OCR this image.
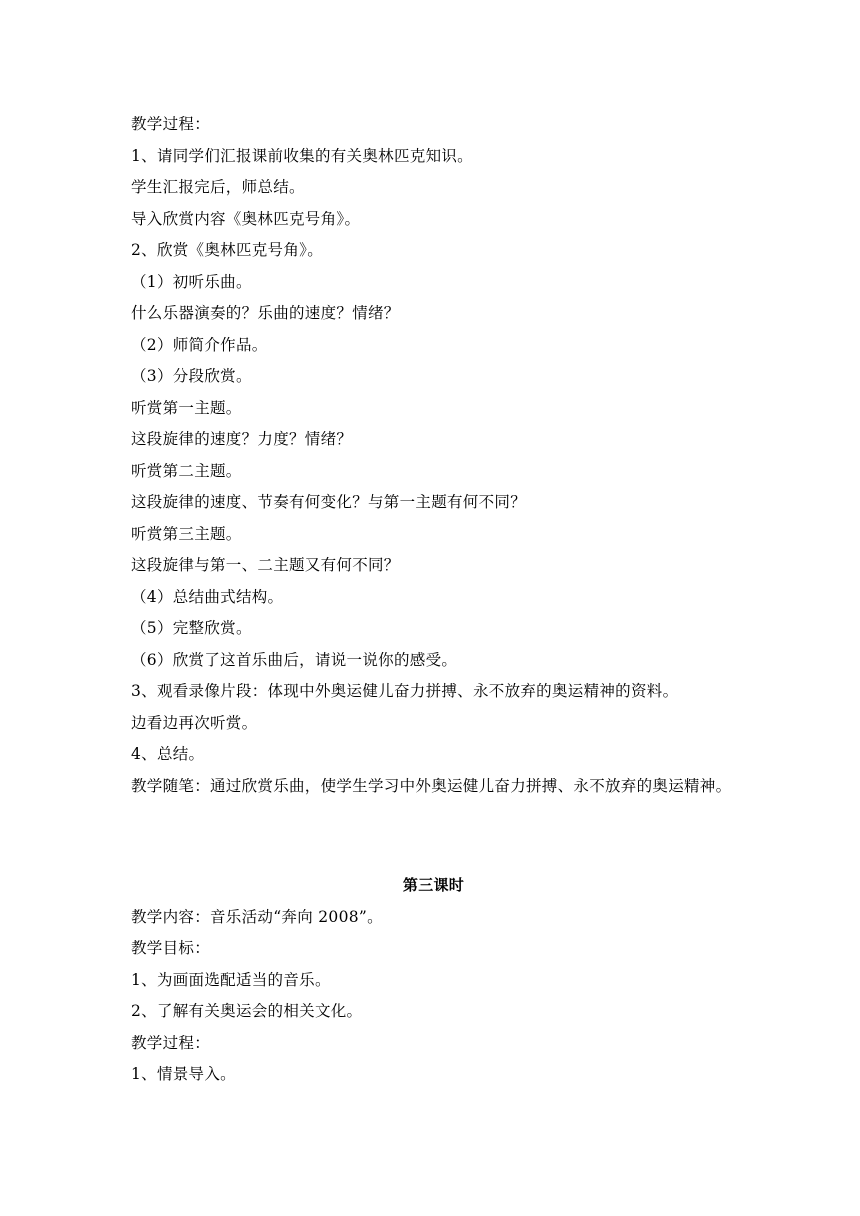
教学过程：
1、请同学们汇报课前收集的有关奥林匹克知识。
学生汇报完后，师总结。
导入欣赏内容《奥林匹克号角》。
2、欣赏《奥林匹克号角》。
（1）初听乐曲。
什么乐器演奏的？乐曲的速度？情绪？
（2）师简介作品。
（3）分段欣赏。
听赏第一主题。
这段旋律的速度？力度？情绪？
听赏第二主题。
这段旋律的速度、节奏有何变化？与第一主题有何不同？
听赏第三主题。
这段旋律与第一、二主题又有何不同？
（4）总结曲式结构。
（5）完整欣赏。
（6）欣赏了这首乐曲后，请说一说你的感受。
3、观看录像片段：体现中外奥运健儿奋力拼搏、永不放弃的奥运精神的资料。
边看边再次听赏。
4、总结。
教学随笔：通过欣赏乐曲，使学生学习中外奥运健儿奋力拼搏、永不放弃的奥运精神。
第三课时
教学内容：音乐活动“奔向 2008”。
教学目标：
1、为画面选配适当的音乐。
2、了解有关奥运会的相关文化。
教学过程：
1、情景导入。
